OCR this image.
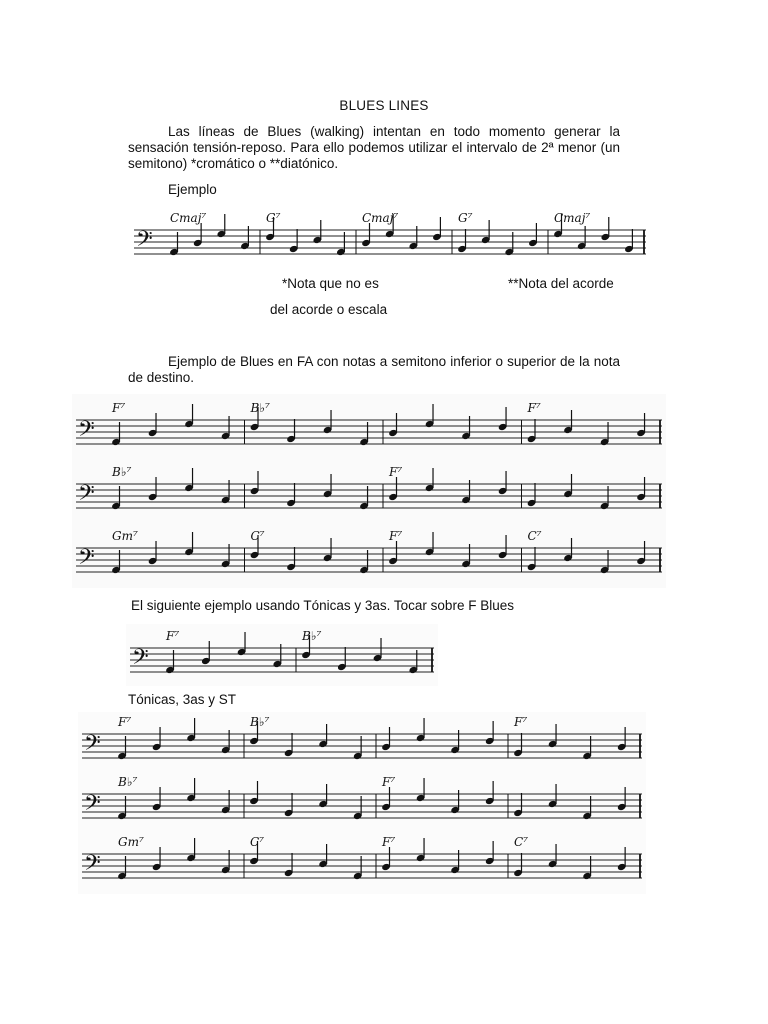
BLUES LINES
Las líneas de Blues (walking) intentan en todo momento generar la sensación tensión-reposo. Para ello podemos utilizar el intervalo de 2ª menor (un semitono) *cromático o **diatónico.
Ejemplo
𝄢
Cmaj⁷	G⁷	Cmaj⁷	G⁷	Cmaj⁷
*Nota que no es	**Nota del acorde
del acorde o escala
Ejemplo de Blues en FA con notas a semitono inferior o superior de la nota de destino.
𝄢
F⁷	B♭⁷	F⁷
𝄢
B♭⁷	F⁷
𝄢
Gm⁷	C⁷	F⁷	C⁷
El siguiente ejemplo usando Tónicas y 3as. Tocar sobre F Blues
𝄢
F⁷	B♭⁷
Tónicas, 3as y ST
𝄢
F⁷	B♭⁷	F⁷
𝄢
B♭⁷	F⁷
𝄢
Gm⁷	C⁷	F⁷	C⁷
